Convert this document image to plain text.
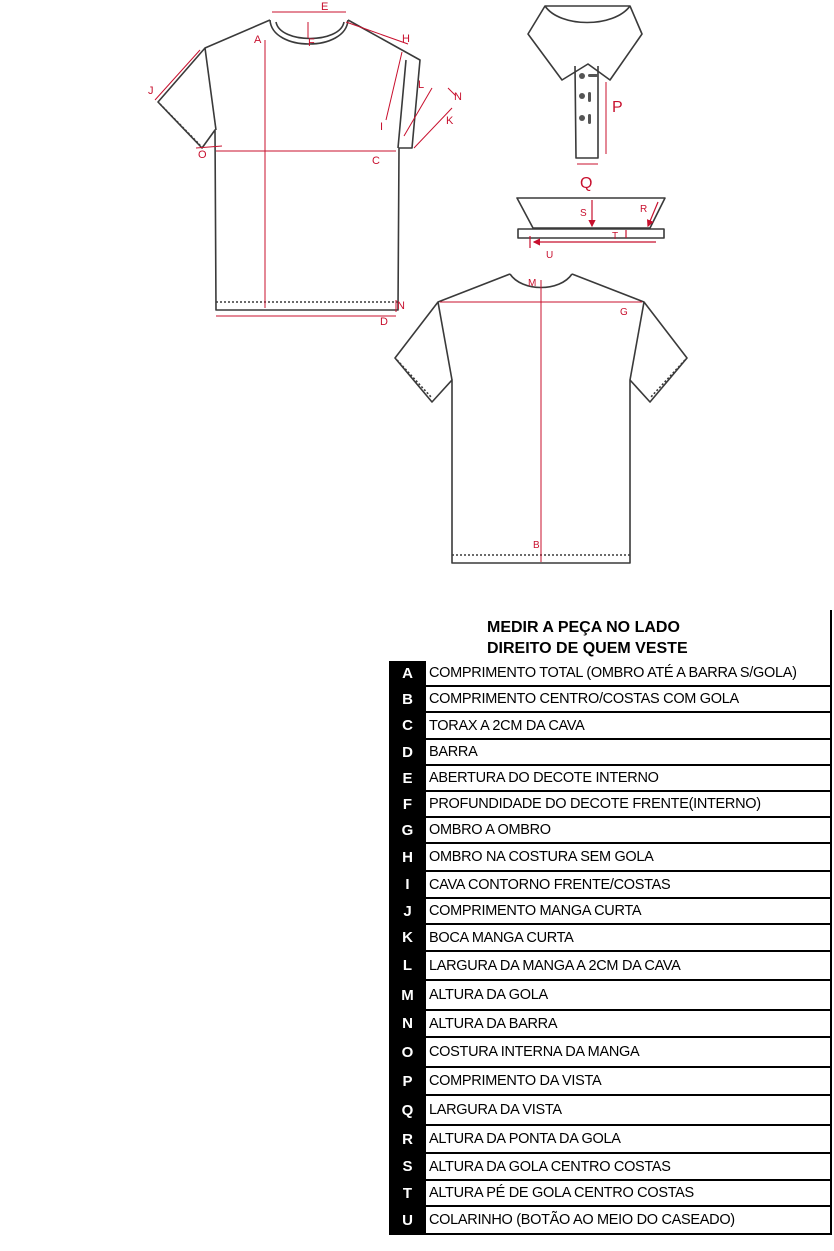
E
A	F	H
J	L
N
I	K
O	C
N
D
P
Q
S	R
T
U
M
G
B
MEDIR A PEÇA NO LADO
DIREITO DE QUEM VESTE
A	COMPRIMENTO TOTAL (OMBRO ATÉ A BARRA S/GOLA)
B	COMPRIMENTO CENTRO/COSTAS COM GOLA
C	TORAX A 2CM DA CAVA
D	BARRA
E	ABERTURA DO DECOTE INTERNO
F	PROFUNDIDADE DO DECOTE FRENTE(INTERNO)
G	OMBRO A OMBRO
H	OMBRO NA COSTURA SEM GOLA
I	CAVA CONTORNO FRENTE/COSTAS
J	COMPRIMENTO MANGA CURTA
K	BOCA MANGA CURTA
L	LARGURA DA MANGA A 2CM DA CAVA
M	ALTURA DA GOLA
N	ALTURA DA BARRA
O	COSTURA INTERNA DA MANGA
P	COMPRIMENTO DA VISTA
Q	LARGURA DA VISTA
R	ALTURA DA PONTA DA GOLA
S	ALTURA DA GOLA CENTRO COSTAS
T	ALTURA PÉ DE GOLA CENTRO COSTAS
U	COLARINHO (BOTÃO AO MEIO DO CASEADO)
